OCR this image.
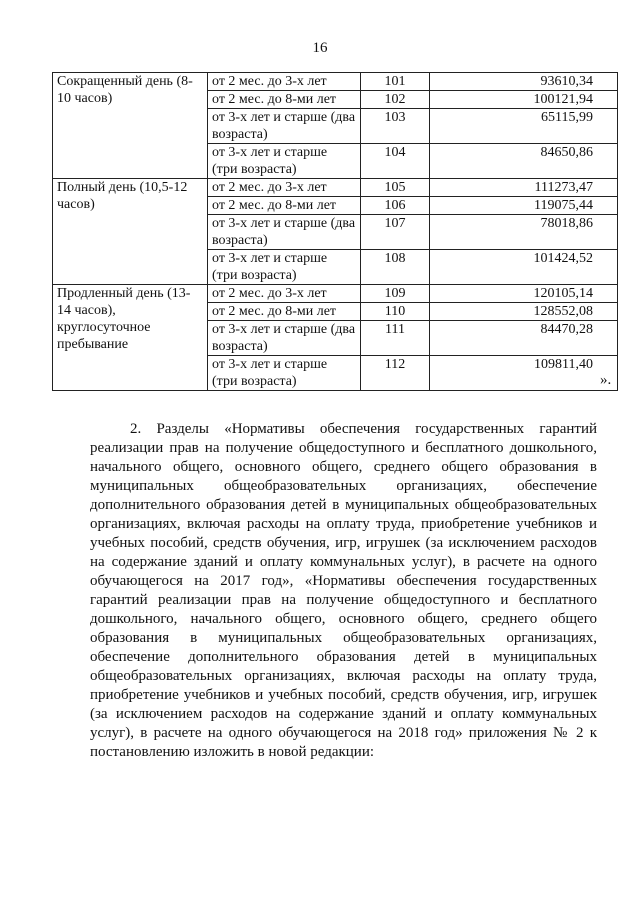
16
Сокращенный день (8-10 часов)	от 2 мес. до 3-х лет	101	93610,34
	от 2 мес. до 8-ми лет	102	100121,94
	от 3-х лет и старше (два возраста)	103	65115,99
	от 3-х лет и старше (три возраста)	104	84650,86
Полный день (10,5-12 часов)	от 2 мес. до 3-х лет	105	111273,47
	от 2 мес. до 8-ми лет	106	119075,44
	от 3-х лет и старше (два возраста)	107	78018,86
	от 3-х лет и старше (три возраста)	108	101424,52
Продленный день (13-14 часов), круглосуточное пребывание	от 2 мес. до 3-х лет	109	120105,14
	от 2 мес. до 8-ми лет	110	128552,08
	от 3-х лет и старше (два возраста)	111	84470,28
	от 3-х лет и старше (три возраста)	112	109811,40
».

2. Разделы «Нормативы обеспечения государственных гарантий реализации прав на получение общедоступного и бесплатного дошкольного, начального общего, основного общего, среднего общего образования в муниципальных общеобразовательных организациях, обеспечение дополнительного образования детей в муниципальных общеобразовательных организациях, включая расходы на оплату труда, приобретение учебников и учебных пособий, средств обучения, игр, игрушек (за исключением расходов на содержание зданий и оплату коммунальных услуг), в расчете на одного обучающегося на 2017 год», «Нормативы обеспечения государственных гарантий реализации прав на получение общедоступного и бесплатного дошкольного, начального общего, основного общего, среднего общего образования в муниципальных общеобразовательных организациях, обеспечение дополнительного образования детей в муниципальных общеобразовательных организациях, включая расходы на оплату труда, приобретение учебников и учебных пособий, средств обучения, игр, игрушек (за исключением расходов на содержание зданий и оплату коммунальных услуг), в расчете на одного обучающегося на 2018 год» приложения № 2 к постановлению изложить в новой редакции:
